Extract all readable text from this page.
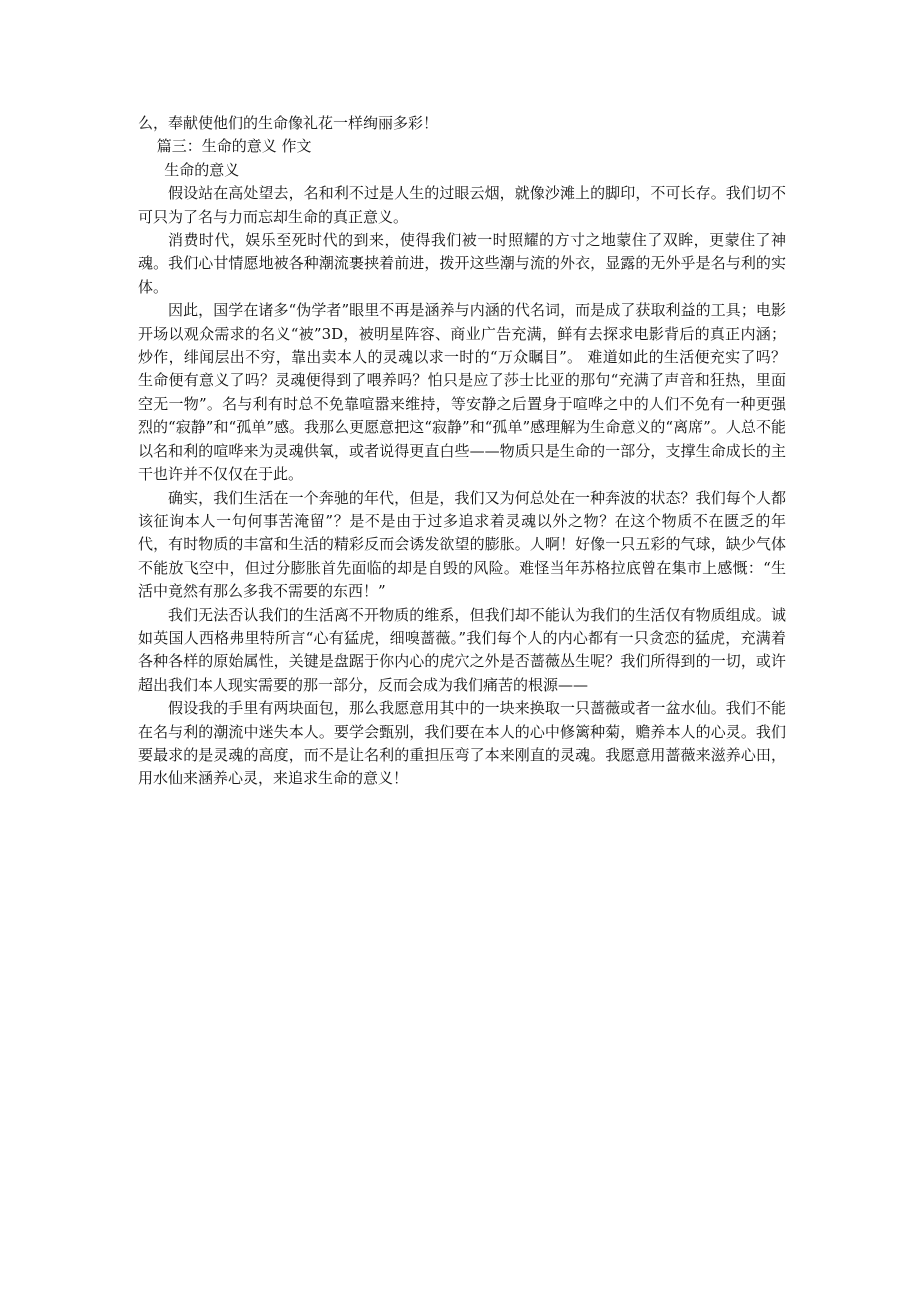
么，奉献使他们的生命像礼花一样绚丽多彩！

篇三：生命的意义 作文

生命的意义

假设站在高处望去，名和利不过是人生的过眼云烟，就像沙滩上的脚印，不可长存。我们切不可只为了名与力而忘却生命的真正意义。

消费时代，娱乐至死时代的到来，使得我们被一时照耀的方寸之地蒙住了双眸，更蒙住了神魂。我们心甘情愿地被各种潮流裹挟着前进，拨开这些潮与流的外衣，显露的无外乎是名与利的实体。

因此，国学在诸多“伪学者”眼里不再是涵养与内涵的代名词，而是成了获取利益的工具；电影开场以观众需求的名义“被”3D，被明星阵容、商业广告充满，鲜有去探求电影背后的真正内涵；炒作，绯闻层出不穷，靠出卖本人的灵魂以求一时的“万众瞩目”。 难道如此的生活便充实了吗？生命便有意义了吗？灵魂便得到了喂养吗？怕只是应了莎士比亚的那句“充满了声音和狂热，里面空无一物”。名与利有时总不免靠喧嚣来维持，等安静之后置身于喧哗之中的人们不免有一种更强烈的“寂静”和“孤单”感。我那么更愿意把这“寂静”和“孤单”感理解为生命意义的“离席”。人总不能以名和利的喧哗来为灵魂供氧，或者说得更直白些——物质只是生命的一部分，支撑生命成长的主干也许并不仅仅在于此。

确实，我们生活在一个奔驰的年代，但是，我们又为何总处在一种奔波的状态？我们每个人都该征询本人一句何事苦淹留”？是不是由于过多追求着灵魂以外之物？在这个物质不在匮乏的年代，有时物质的丰富和生活的精彩反而会诱发欲望的膨胀。人啊！好像一只五彩的气球，缺少气体不能放飞空中，但过分膨胀首先面临的却是自毁的风险。难怪当年苏格拉底曾在集市上感慨：“生活中竟然有那么多我不需要的东西！”

我们无法否认我们的生活离不开物质的维系，但我们却不能认为我们的生活仅有物质组成。诚如英国人西格弗里特所言“心有猛虎，细嗅蔷薇。”我们每个人的内心都有一只贪恋的猛虎，充满着各种各样的原始属性，关键是盘踞于你内心的虎穴之外是否蔷薇丛生呢？我们所得到的一切，或许超出我们本人现实需要的那一部分，反而会成为我们痛苦的根源——

假设我的手里有两块面包，那么我愿意用其中的一块来换取一只蔷薇或者一盆水仙。我们不能在名与利的潮流中迷失本人。要学会甄别，我们要在本人的心中修篱种菊，赡养本人的心灵。我们要最求的是灵魂的高度，而不是让名利的重担压弯了本来刚直的灵魂。我愿意用蔷薇来滋养心田，用水仙来涵养心灵，来追求生命的意义！
